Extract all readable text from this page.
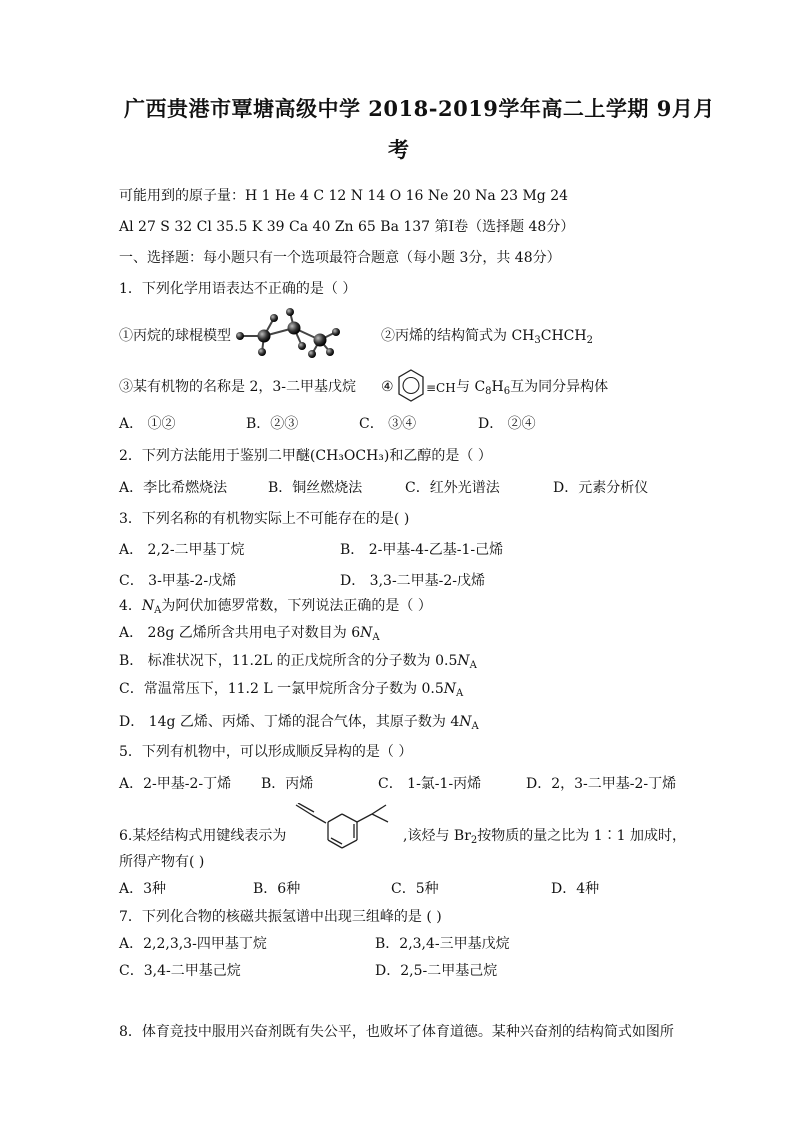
广西贵港市覃塘高级中学 2018-2019学年高二上学期 9月月
考
可能用到的原子量：H 1 He 4 C 12 N 14 O 16 Ne 20 Na 23 Mg 24
Al 27 S 32 Cl 35.5 K 39 Ca 40 Zn 65 Ba 137 第Ⅰ卷（选择题 48分）
一、选择题：每小题只有一个选项最符合题意（每小题 3分，共 48分）
1．下列化学用语表达不正确的是（ ）
①丙烷的球棍模型	②丙烯的结构简式为 $CH_3CHCH_2$
③某有机物的名称是 2，3-二甲基戊烷 ④	≡CH 与 $C_8H_6$互为同分异构体
A． ①②	B．②③	C． ③④	D． ②④
2．下列方法能用于鉴别二甲醚(CH₃OCH₃)和乙醇的是（ ）
A．李比希燃烧法	B．铜丝燃烧法	C．红外光谱法	D．元素分析仪
3．下列名称的有机物实际上不可能存在的是( )
A． 2,2-二甲基丁烷	B． 2-甲基-4-乙基-1-己烯
C． 3-甲基-2-戊烯	D． 3,3-二甲基-2-戊烯
4．$N_A$为阿伏加德罗常数，下列说法正确的是（ ）
A． 28g 乙烯所含共用电子对数目为 $6N_A$
B． 标准状况下，11.2L 的正戊烷所含的分子数为 $0.5N_A$
C．常温常压下，11.2 L 一氯甲烷所含分子数为 $0.5N_A$
D． 14g 乙烯、丙烯、丁烯的混合气体，其原子数为 $4N_A$
5．下列有机物中，可以形成顺反异构的是（ ）
A．2-甲基-2-丁烯 B．丙烯	C． 1-氯-1-丙烯	D．2，3-二甲基-2-丁烯
6.某烃结构式用键线表示为	,该烃与 $Br_2$按物质的量之比为 1∶1 加成时，
所得产物有( )
A．3种	B．6种	C．5种	D．4种
7．下列化合物的核磁共振氢谱中出现三组峰的是 ( )
A．2,2,3,3-四甲基丁烷	B．2,3,4-三甲基戊烷
C．3,4-二甲基己烷	D．2,5-二甲基己烷
8．体育竞技中服用兴奋剂既有失公平，也败坏了体育道德。某种兴奋剂的结构简式如图所
